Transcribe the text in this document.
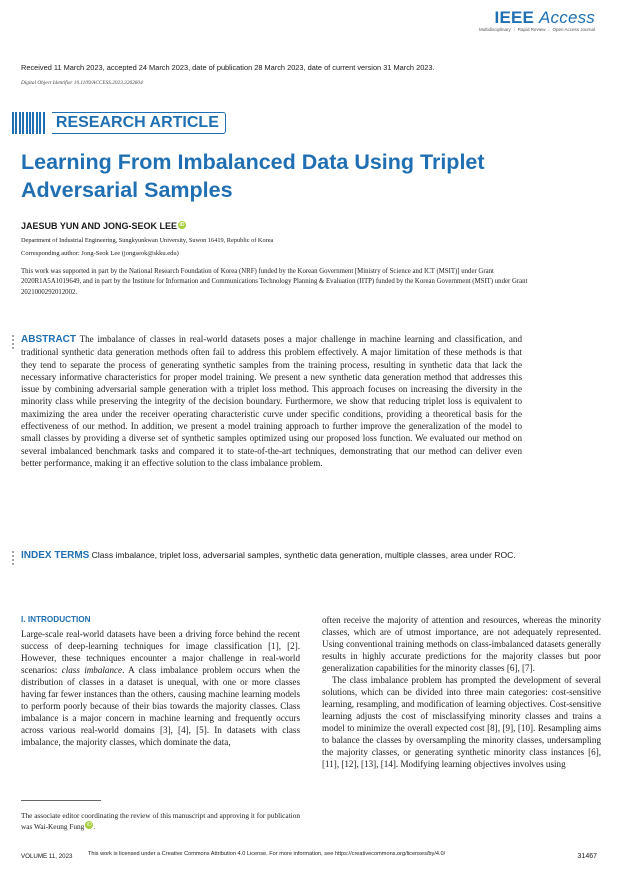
IEEE Access
Multidisciplinary ⋮ Rapid Review ⋮ Open Access Journal
Received 11 March 2023, accepted 24 March 2023, date of publication 28 March 2023, date of current version 31 March 2023.
Digital Object Identifier 10.1109/ACCESS.2023.3262604
RESEARCH ARTICLE
Learning From Imbalanced Data Using Triplet Adversarial Samples
JAESUB YUN AND JONG-SEOK LEE iD
Department of Industrial Engineering, Sungkyunkwan University, Suwon 16419, Republic of Korea
Corresponding author: Jong-Seok Lee (jongseok@skku.edu)
This work was supported in part by the National Research Foundation of Korea (NRF) funded by the Korean Government [Ministry of Science and ICT (MSIT)] under Grant 2020R1A5A1019649, and in part by the Institute for Information and Communications Technology Planning & Evaluation (IITP) funded by the Korean Government (MSIT) under Grant 2021000292012002.
ABSTRACT The imbalance of classes in real-world datasets poses a major challenge in machine learning and classification, and traditional synthetic data generation methods often fail to address this problem effectively. A major limitation of these methods is that they tend to separate the process of generating synthetic samples from the training process, resulting in synthetic data that lack the necessary informative characteristics for proper model training. We present a new synthetic data generation method that addresses this issue by combining adversarial sample generation with a triplet loss method. This approach focuses on increasing the diversity in the minority class while preserving the integrity of the decision boundary. Furthermore, we show that reducing triplet loss is equivalent to maximizing the area under the receiver operating characteristic curve under specific conditions, providing a theoretical basis for the effectiveness of our method. In addition, we present a model training approach to further improve the generalization of the model to small classes by providing a diverse set of synthetic samples optimized using our proposed loss function. We evaluated our method on several imbalanced benchmark tasks and compared it to state-of-the-art techniques, demonstrating that our method can deliver even better performance, making it an effective solution to the class imbalance problem.
INDEX TERMS Class imbalance, triplet loss, adversarial samples, synthetic data generation, multiple classes, area under ROC.
I. INTRODUCTION

Large-scale real-world datasets have been a driving force behind the recent success of deep-learning techniques for image classification [1], [2]. However, these techniques encounter a major challenge in real-world scenarios: class imbalance. A class imbalance problem occurs when the distribution of classes in a dataset is unequal, with one or more classes having far fewer instances than the others, causing machine learning models to perform poorly because of their bias towards the majority classes. Class imbalance is a major concern in machine learning and frequently occurs across various real-world domains [3], [4], [5]. In datasets with class imbalance, the majority classes, which dominate the data,

often receive the majority of attention and resources, whereas the minority classes, which are of utmost importance, are not adequately represented. Using conventional training methods on class-imbalanced datasets generally results in highly accurate predictions for the majority classes but poor generalization capabilities for the minority classes [6], [7].

The class imbalance problem has prompted the development of several solutions, which can be divided into three main categories: cost-sensitive learning, resampling, and modification of learning objectives. Cost-sensitive learning adjusts the cost of misclassifying minority classes and trains a model to minimize the overall expected cost [8], [9], [10]. Resampling aims to balance the classes by oversampling the minority classes, undersampling the majority classes, or generating synthetic minority class instances [6], [11], [12], [13], [14]. Modifying learning objectives involves using

The associate editor coordinating the review of this manuscript and approving it for publication was Wai-Keung Fung iD .
VOLUME 11, 2023	This work is licensed under a Creative Commons Attribution 4.0 License. For more information, see https://creativecommons.org/licenses/by/4.0/	31467
